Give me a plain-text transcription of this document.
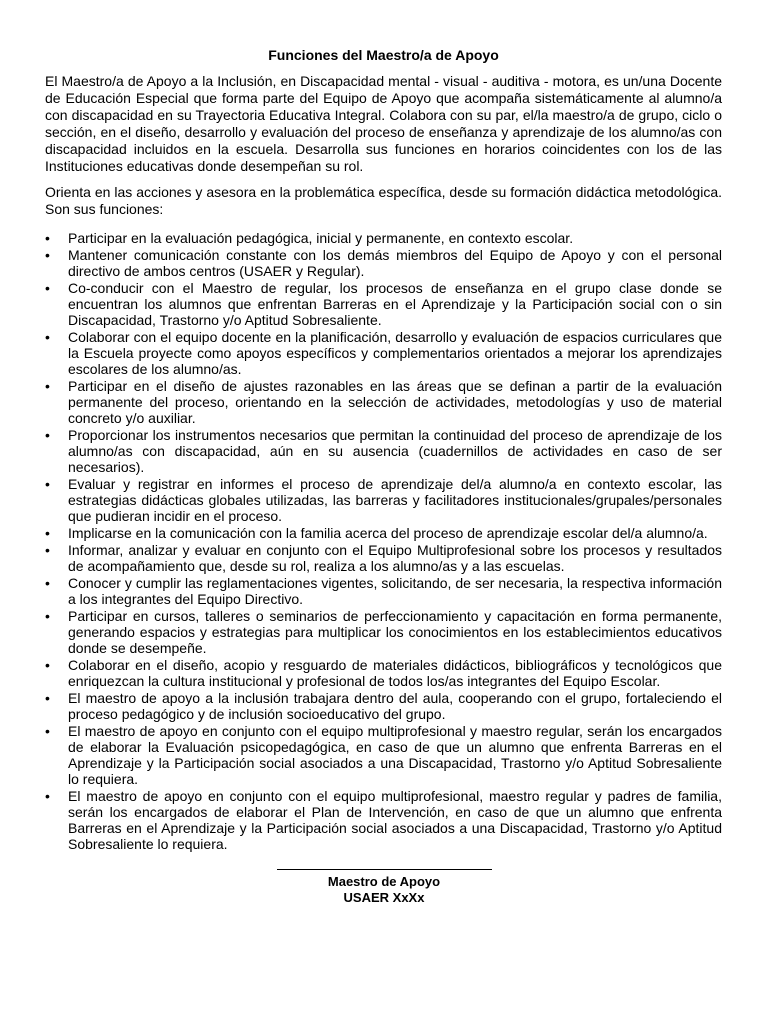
Funciones del Maestro/a de Apoyo

El Maestro/a de Apoyo a la Inclusión, en Discapacidad mental - visual - auditiva - motora, es un/una Docente de Educación Especial que forma parte del Equipo de Apoyo que acompaña sistemáticamente al alumno/a con discapacidad en su Trayectoria Educativa Integral. Colabora con su par, el/la maestro/a de grupo, ciclo o sección, en el diseño, desarrollo y evaluación del proceso de enseñanza y aprendizaje de los alumno/as con discapacidad incluidos en la escuela. Desarrolla sus funciones en horarios coincidentes con los de las Instituciones educativas donde desempeñan su rol.

Orienta en las acciones y asesora en la problemática específica, desde su formación didáctica metodológica. Son sus funciones:

• Participar en la evaluación pedagógica, inicial y permanente, en contexto escolar.
• Mantener comunicación constante con los demás miembros del Equipo de Apoyo y con el personal directivo de ambos centros (USAER y Regular).
• Co-conducir con el Maestro de regular, los procesos de enseñanza en el grupo clase donde se encuentran los alumnos que enfrentan Barreras en el Aprendizaje y la Participación social con o sin Discapacidad, Trastorno y/o Aptitud Sobresaliente.
• Colaborar con el equipo docente en la planificación, desarrollo y evaluación de espacios curriculares que la Escuela proyecte como apoyos específicos y complementarios orientados a mejorar los aprendizajes escolares de los alumno/as.
• Participar en el diseño de ajustes razonables en las áreas que se definan a partir de la evaluación permanente del proceso, orientando en la selección de actividades, metodologías y uso de material concreto y/o auxiliar.
• Proporcionar los instrumentos necesarios que permitan la continuidad del proceso de aprendizaje de los alumno/as con discapacidad, aún en su ausencia (cuadernillos de actividades en caso de ser necesarios).
• Evaluar y registrar en informes el proceso de aprendizaje del/a alumno/a en contexto escolar, las estrategias didácticas globales utilizadas, las barreras y facilitadores institucionales/grupales/personales que pudieran incidir en el proceso.
• Implicarse en la comunicación con la familia acerca del proceso de aprendizaje escolar del/a alumno/a.
• Informar, analizar y evaluar en conjunto con el Equipo Multiprofesional sobre los procesos y resultados de acompañamiento que, desde su rol, realiza a los alumno/as y a las escuelas.
• Conocer y cumplir las reglamentaciones vigentes, solicitando, de ser necesaria, la respectiva información a los integrantes del Equipo Directivo.
• Participar en cursos, talleres o seminarios de perfeccionamiento y capacitación en forma permanente, generando espacios y estrategias para multiplicar los conocimientos en los establecimientos educativos donde se desempeñe.
• Colaborar en el diseño, acopio y resguardo de materiales didácticos, bibliográficos y tecnológicos que enriquezcan la cultura institucional y profesional de todos los/as integrantes del Equipo Escolar.
• El maestro de apoyo a la inclusión trabajara dentro del aula, cooperando con el grupo, fortaleciendo el proceso pedagógico y de inclusión socioeducativo del grupo.
• El maestro de apoyo en conjunto con el equipo multiprofesional y maestro regular, serán los encargados de elaborar la Evaluación psicopedagógica, en caso de que un alumno que enfrenta Barreras en el Aprendizaje y la Participación social asociados a una Discapacidad, Trastorno y/o Aptitud Sobresaliente lo requiera.
• El maestro de apoyo en conjunto con el equipo multiprofesional, maestro regular y padres de familia, serán los encargados de elaborar el Plan de Intervención, en caso de que un alumno que enfrenta Barreras en el Aprendizaje y la Participación social asociados a una Discapacidad, Trastorno y/o Aptitud Sobresaliente lo requiera.
Maestro de Apoyo
USAER XxXx
